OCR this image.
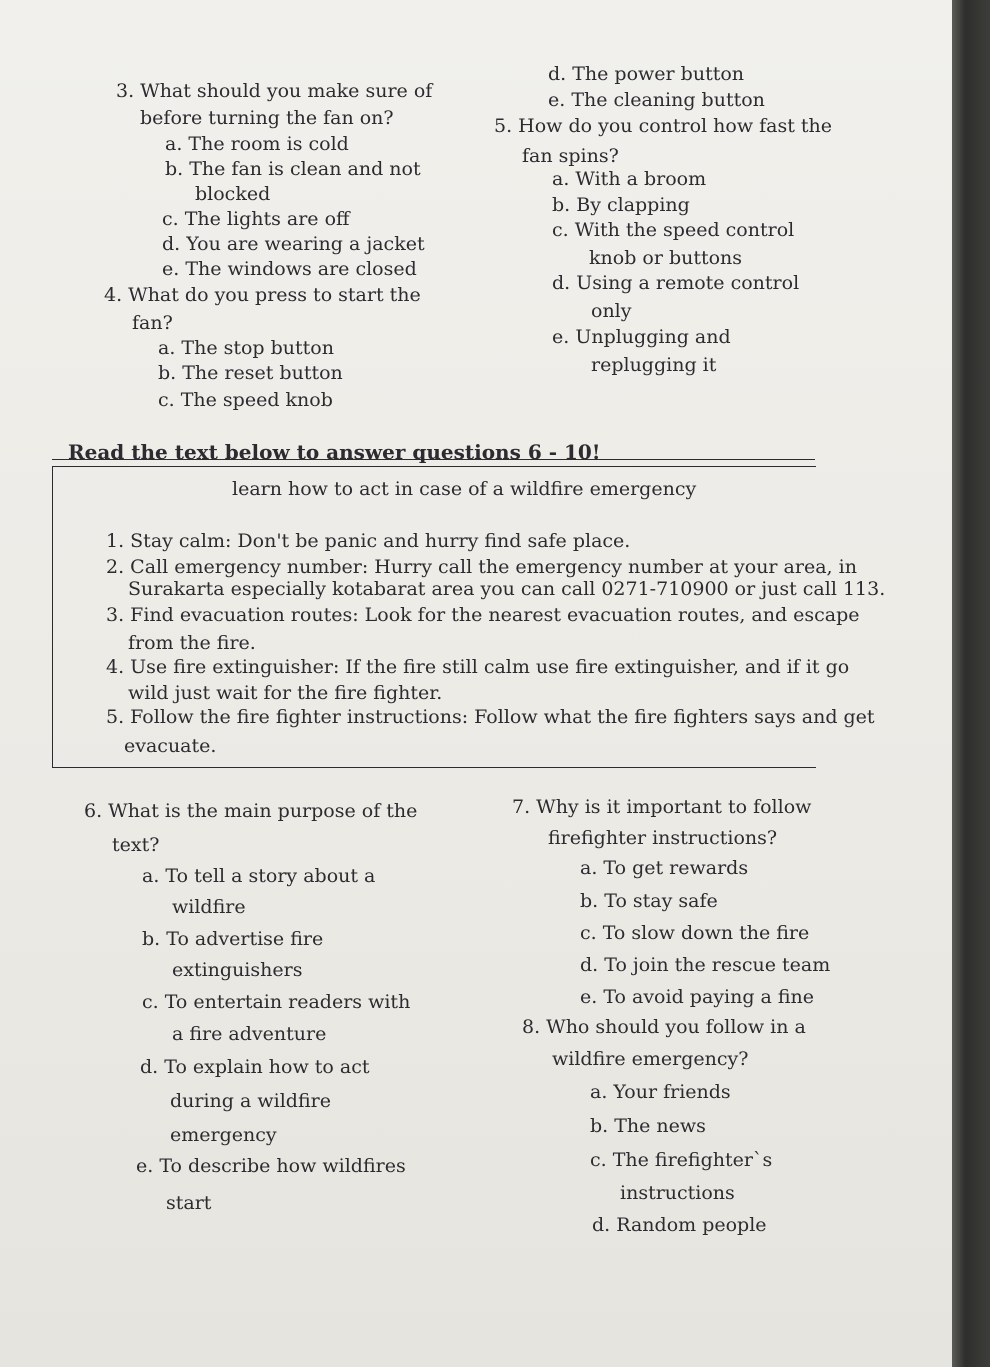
3. What should you make sure of
before turning the fan on?
a. The room is cold
b. The fan is clean and not
blocked
c. The lights are off
d. You are wearing a jacket
e. The windows are closed
4. What do you press to start the
fan?
a. The stop button
b. The reset button
c. The speed knob
d. The power button
e. The cleaning button
5. How do you control how fast the
fan spins?
a. With a broom
b. By clapping
c. With the speed control
knob or buttons
d. Using a remote control
only
e. Unplugging and
replugging it
Read the text below to answer questions 6 - 10!
learn how to act in case of a wildfire emergency
1. Stay calm: Don't be panic and hurry find safe place.
2. Call emergency number: Hurry call the emergency number at your area, in
Surakarta especially kotabarat area you can call 0271-710900 or just call 113.
3. Find evacuation routes: Look for the nearest evacuation routes, and escape
from the fire.
4. Use fire extinguisher: If the fire still calm use fire extinguisher, and if it go
wild just wait for the fire fighter.
5. Follow the fire fighter instructions: Follow what the fire fighters says and get
evacuate.
6. What is the main purpose of the
text?
a. To tell a story about a
wildfire
b. To advertise fire
extinguishers
c. To entertain readers with
a fire adventure
d. To explain how to act
during a wildfire
emergency
e. To describe how wildfires
start
7. Why is it important to follow
firefighter instructions?
a. To get rewards
b. To stay safe
c. To slow down the fire
d. To join the rescue team
e. To avoid paying a fine
8. Who should you follow in a
wildfire emergency?
a. Your friends
b. The news
c. The firefighter`s
instructions
d. Random people
